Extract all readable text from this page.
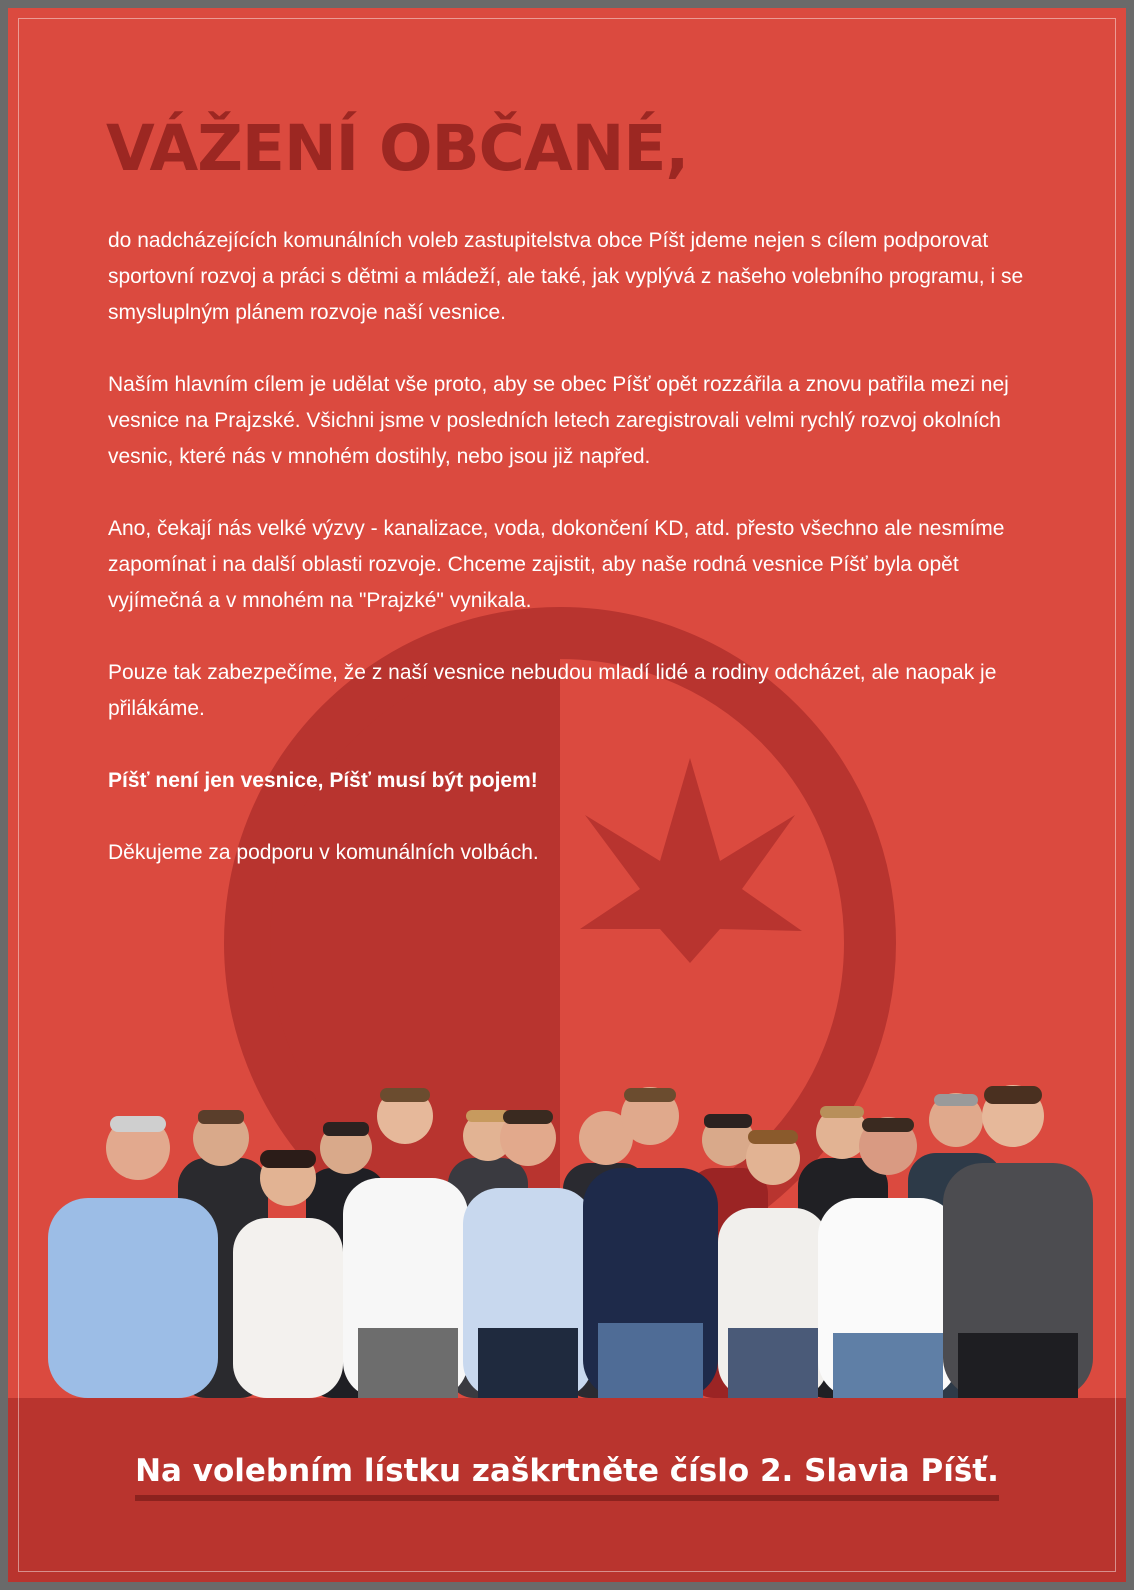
VÁŽENÍ OBČANÉ,

do nadcházejících komunálních voleb zastupitelstva obce Píšt jdeme nejen s cílem podporovat sportovní rozvoj a práci s dětmi a mládeží, ale také, jak vyplývá z našeho volebního programu, i se smysluplným plánem rozvoje naší vesnice.

Naším hlavním cílem je udělat vše proto, aby se obec Píšť opět rozzářila a znovu patřila mezi nej vesnice na Prajzské. Všichni jsme v posledních letech zaregistrovali velmi rychlý rozvoj okolních vesnic, které nás v mnohém dostihly, nebo jsou již napřed.

Ano, čekají nás velké výzvy - kanalizace, voda, dokončení KD, atd. přesto všechno ale nesmíme zapomínat i na další oblasti rozvoje. Chceme zajistit, aby naše rodná vesnice Píšť byla opět vyjímečná a v mnohém na "Prajzké" vynikala.

Pouze tak zabezpečíme, že z naší vesnice nebudou mladí lidé a rodiny odcházet, ale naopak je přilákáme.

Píšť není jen vesnice, Píšť musí být pojem!

Děkujeme za podporu v komunálních volbách.

Na volebním lístku zaškrtněte číslo 2. Slavia Píšť.
